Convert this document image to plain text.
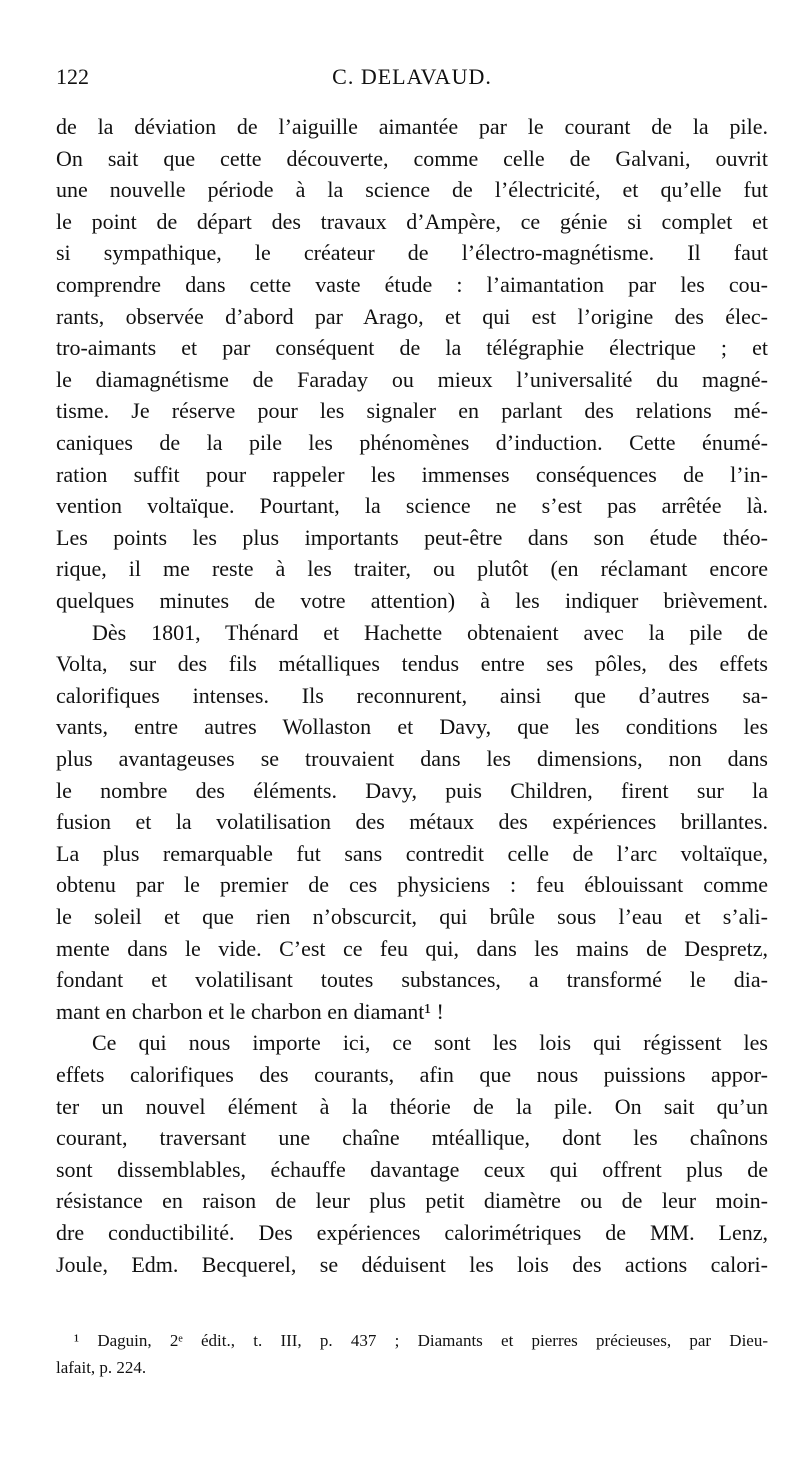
122	C. DELAVAUD.
de la déviation de l’aiguille aimantée par le courant de la pile.
On sait que cette découverte, comme celle de Galvani, ouvrit
une nouvelle période à la science de l’électricité, et qu’elle fut
le point de départ des travaux d’Ampère, ce génie si complet et
si sympathique, le créateur de l’électro-magnétisme. Il faut
comprendre dans cette vaste étude : l’aimantation par les cou-
rants, observée d’abord par Arago, et qui est l’origine des élec-
tro-aimants et par conséquent de la télégraphie électrique ; et
le diamagnétisme de Faraday ou mieux l’universalité du magné-
tisme. Je réserve pour les signaler en parlant des relations mé-
caniques de la pile les phénomènes d’induction. Cette énumé-
ration suffit pour rappeler les immenses conséquences de l’in-
vention voltaïque. Pourtant, la science ne s’est pas arrêtée là.
Les points les plus importants peut-être dans son étude théo-
rique, il me reste à les traiter, ou plutôt (en réclamant encore
quelques minutes de votre attention) à les indiquer brièvement.
Dès 1801, Thénard et Hachette obtenaient avec la pile de
Volta, sur des fils métalliques tendus entre ses pôles, des effets
calorifiques intenses. Ils reconnurent, ainsi que d’autres sa-
vants, entre autres Wollaston et Davy, que les conditions les
plus avantageuses se trouvaient dans les dimensions, non dans
le nombre des éléments. Davy, puis Children, firent sur la
fusion et la volatilisation des métaux des expériences brillantes.
La plus remarquable fut sans contredit celle de l’arc voltaïque,
obtenu par le premier de ces physiciens : feu éblouissant comme
le soleil et que rien n’obscurcit, qui brûle sous l’eau et s’ali-
mente dans le vide. C’est ce feu qui, dans les mains de Despretz,
fondant et volatilisant toutes substances, a transformé le dia-
mant en charbon et le charbon en diamant¹ !
Ce qui nous importe ici, ce sont les lois qui régissent les
effets calorifiques des courants, afin que nous puissions appor-
ter un nouvel élément à la théorie de la pile. On sait qu’un
courant, traversant une chaîne mtéallique, dont les chaînons
sont dissemblables, échauffe davantage ceux qui offrent plus de
résistance en raison de leur plus petit diamètre ou de leur moin-
dre conductibilité. Des expériences calorimétriques de MM. Lenz,
Joule, Edm. Becquerel, se déduisent les lois des actions calori-
¹ Daguin, 2ᵉ édit., t. III, p. 437 ; Diamants et pierres précieuses, par Dieu-
lafait, p. 224.
